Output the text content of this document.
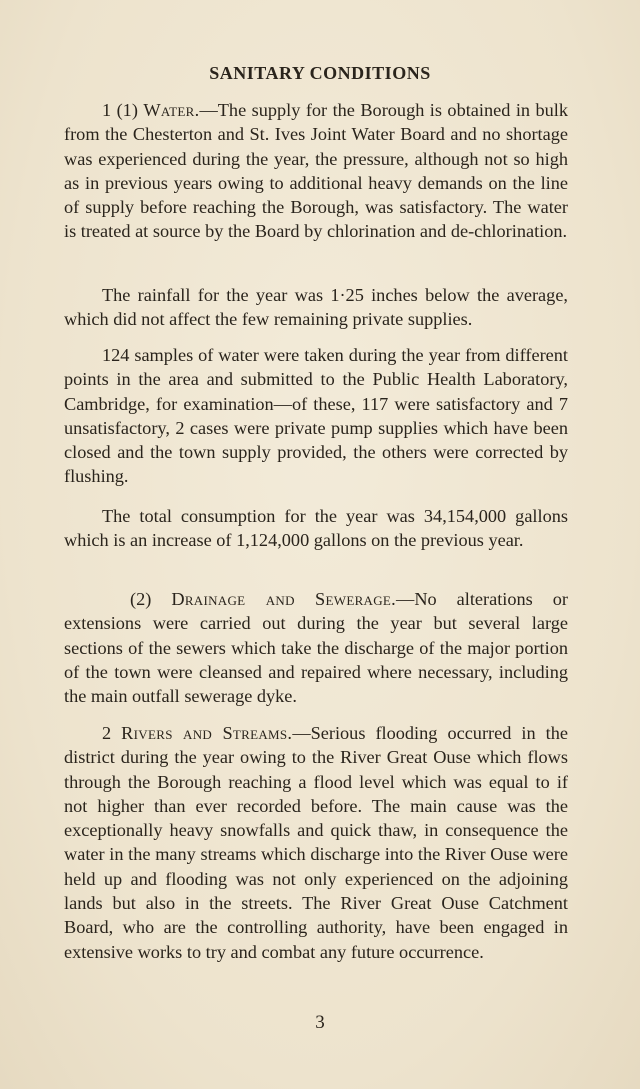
SANITARY CONDITIONS

1 (1) Water.—The supply for the Borough is obtained in bulk from the Chesterton and St. Ives Joint Water Board and no shortage was experienced during the year, the pressure, although not so high as in previous years owing to additional heavy demands on the line of supply before reaching the Borough, was satisfactory. The water is treated at source by the Board by chlorination and de-chlorination.

The rainfall for the year was 1·25 inches below the average, which did not affect the few remaining private supplies.

124 samples of water were taken during the year from different points in the area and submitted to the Public Health Laboratory, Cambridge, for examination—of these, 117 were satisfactory and 7 unsatisfactory, 2 cases were private pump supplies which have been closed and the town supply provided, the others were corrected by flushing.

The total consumption for the year was 34,154,000 gallons which is an increase of 1,124,000 gallons on the previous year.

(2) Drainage and Sewerage.—No alterations or extensions were carried out during the year but several large sections of the sewers which take the discharge of the major portion of the town were cleansed and repaired where necessary, including the main outfall sewerage dyke.

2 Rivers and Streams.—Serious flooding occurred in the district during the year owing to the River Great Ouse which flows through the Borough reaching a flood level which was equal to if not higher than ever recorded before. The main cause was the exceptionally heavy snowfalls and quick thaw, in consequence the water in the many streams which discharge into the River Ouse were held up and flooding was not only experienced on the adjoining lands but also in the streets. The River Great Ouse Catchment Board, who are the controlling authority, have been engaged in extensive works to try and combat any future occurrence.

3
